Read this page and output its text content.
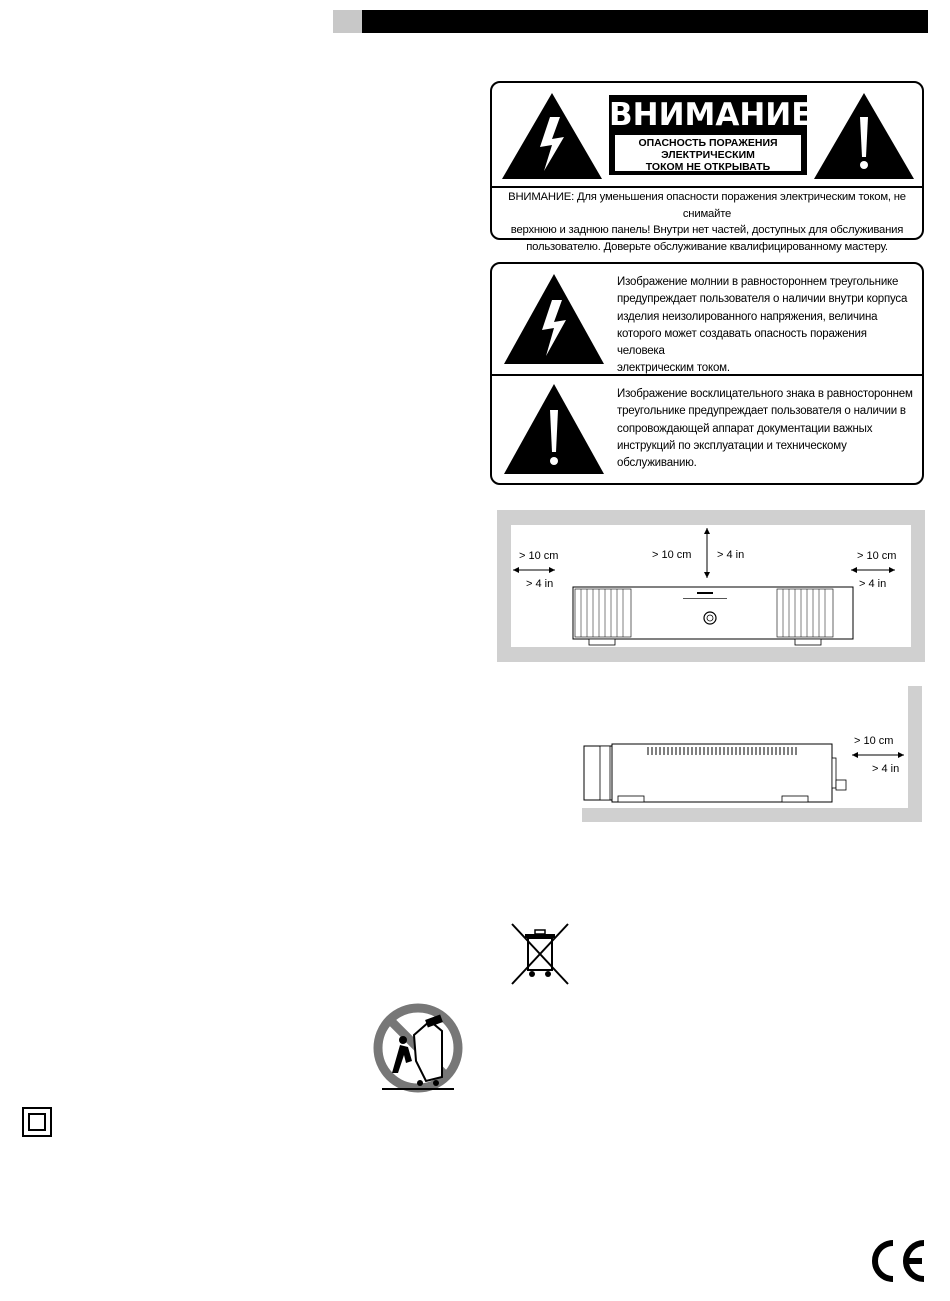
ВНИМАНИЕ
ОПАСНОСТЬ ПОРАЖЕНИЯ
ЭЛЕКТРИЧЕСКИМ
ТОКОМ НЕ ОТКРЫВАТЬ
ВНИМАНИЕ: Для уменьшения опасности поражения электрическим током, не снимайте
верхнюю и заднюю панель! Внутри нет частей, доступных для обслуживания
пользователю. Доверьте обслуживание квалифицированному мастеру.
Изображение молнии в равностороннем треугольнике
предупреждает пользователя о наличии внутри корпуса
изделия неизолированного напряжения, величина
которого может создавать опасность поражения человека
электрическим током.
Изображение восклицательного знака в равностороннем
треугольнике предупреждает пользователя о наличии в
сопровождающей аппарат документации важных
инструкций по эксплуатации и техническому
обслуживанию.
> 10 cm
> 4 in
> 10 cm > 4 in	> 10 cm
> 4 in
> 10 cm
> 4 in
